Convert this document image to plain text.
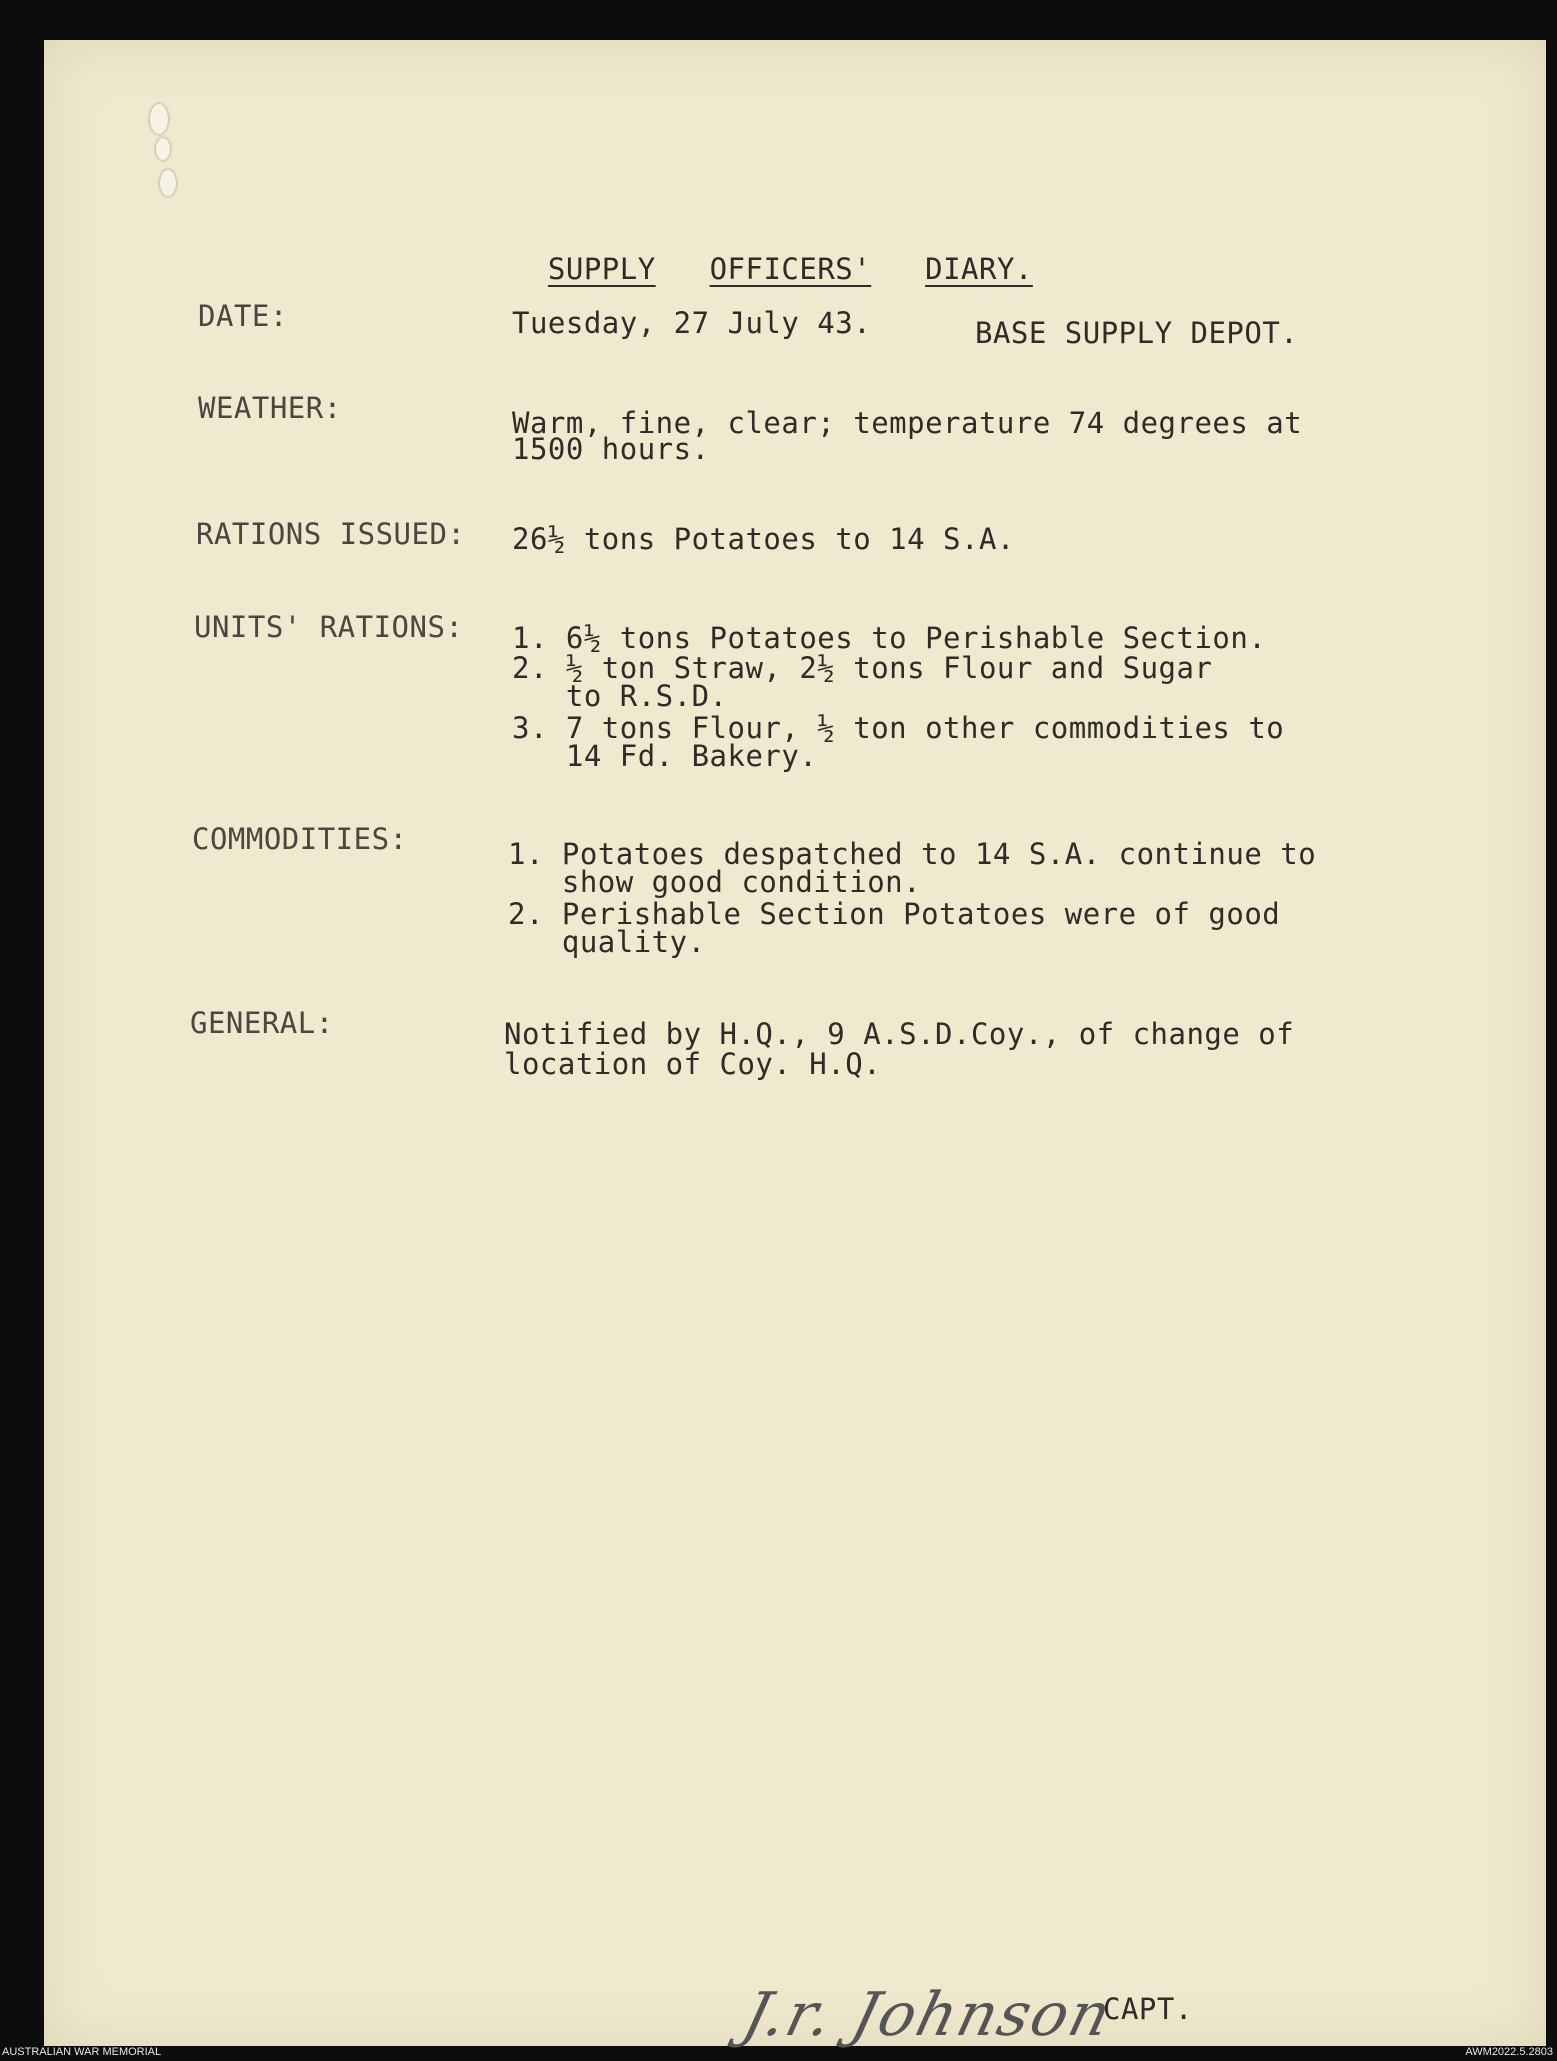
SUPPLY OFFICERS' DIARY.

DATE:	Tuesday, 27 July 43.	BASE SUPPLY DEPOT.
WEATHER:	Warm, fine, clear; temperature 74 degrees at
1500 hours.
RATIONS ISSUED: 26½ tons Potatoes to 14 S.A.
UNITS' RATIONS: 1. 6½ tons Potatoes to Perishable Section.
2. ½ ton Straw, 2½ tons Flour and Sugar
to R.S.D.
3. 7 tons Flour, ½ ton other commodities to
14 Fd. Bakery.
COMMODITIES:	1. Potatoes despatched to 14 S.A. continue to
show good condition.
2. Perishable Section Potatoes were of good
quality.
GENERAL:	Notified by H.Q., 9 A.S.D.Coy., of change of
location of Coy. H.Q.
J.r. Johnson
CAPT.
AUSTRALIAN WAR MEMORIAL	AWM2022.5.2803
